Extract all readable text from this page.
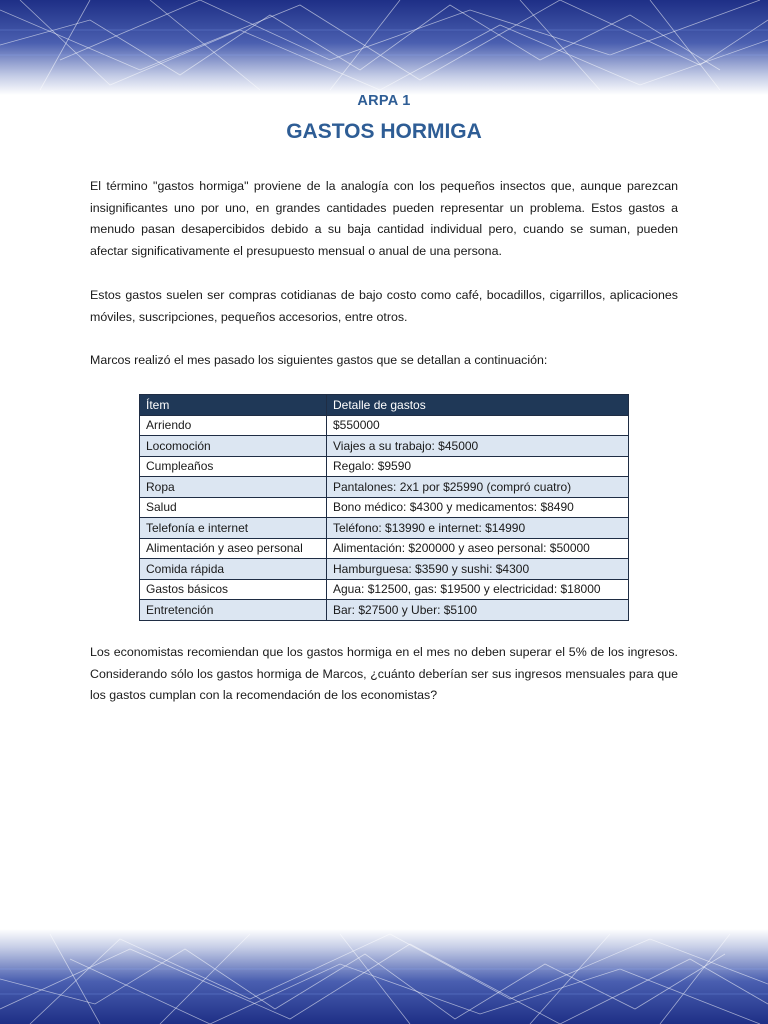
ARPA 1
GASTOS HORMIGA

El término "gastos hormiga" proviene de la analogía con los pequeños insectos que, aunque parezcan insignificantes uno por uno, en grandes cantidades pueden representar un problema. Estos gastos a menudo pasan desapercibidos debido a su baja cantidad individual pero, cuando se suman, pueden afectar significativamente el presupuesto mensual o anual de una persona.

Estos gastos suelen ser compras cotidianas de bajo costo como café, bocadillos, cigarrillos, aplicaciones móviles, suscripciones, pequeños accesorios, entre otros.

Marcos realizó el mes pasado los siguientes gastos que se detallan a continuación:

Ítem	Detalle de gastos
Arriendo	$550000
Locomoción	Viajes a su trabajo: $45000
Cumpleaños	Regalo: $9590
Ropa	Pantalones: 2x1 por $25990 (compró cuatro)
Salud	Bono médico: $4300 y medicamentos: $8490
Telefonía e internet	Teléfono: $13990 e internet: $14990
Alimentación y aseo personal	Alimentación: $200000 y aseo personal: $50000
Comida rápida	Hamburguesa: $3590 y sushi: $4300
Gastos básicos	Agua: $12500, gas: $19500 y electricidad: $18000
Entretención	Bar: $27500 y Uber: $5100

Los economistas recomiendan que los gastos hormiga en el mes no deben superar el 5% de los ingresos. Considerando sólo los gastos hormiga de Marcos, ¿cuánto deberían ser sus ingresos mensuales para que los gastos cumplan con la recomendación de los economistas?
